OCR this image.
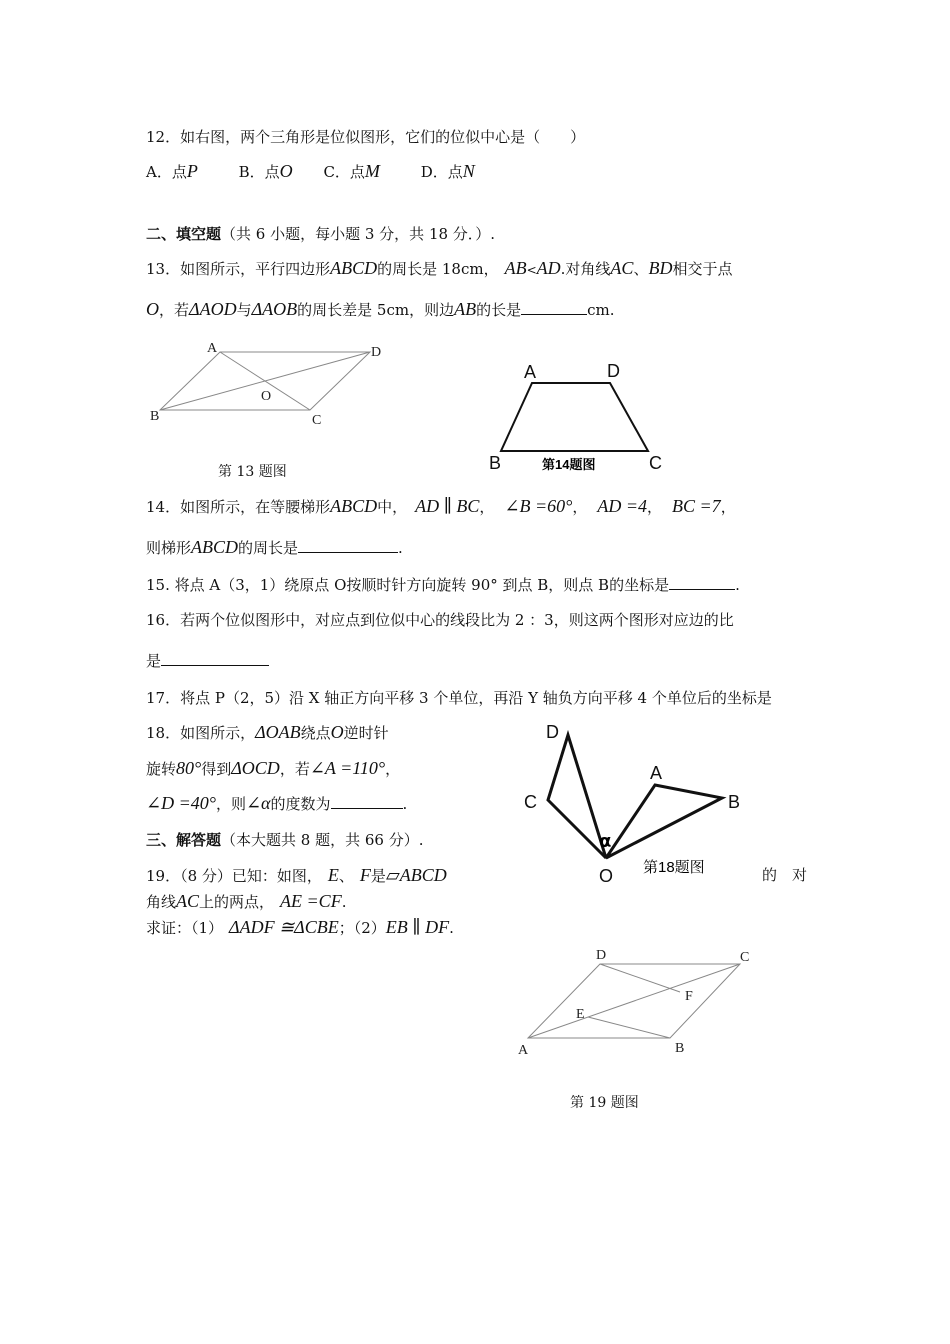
12．如右图，两个三角形是位似图形，它们的位似中心是（　　）
A．点P	B．点O C．点M	D．点N
二、填空题（共 6 小题，每小题 3 分，共 18 分．）.
13．如图所示，平行四边形ABCD的周长是 18cm， AB<AD.对角线AC、BD相交于点
O，若ΔAOD与ΔAOB的周长差是 5cm，则边AB的长是	cm.
A	D
B	C
O
第 13 题图
A	D
B	C
第14题图
14．如图所示，在等腰梯形ABCD中， AD ∥ BC， ∠B =60°， AD =4， BC =7，
则梯形ABCD的周长是	.
15. 将点 A（3，1）绕原点 O按顺时针方向旋转 90° 到点 B，则点 B的坐标是	.
16．若两个位似图形中，对应点到位似中心的线段比为 2 ：3，则这两个图形对应边的比
是
17．将点 P（2，5）沿 X 轴正方向平移 3 个单位，再沿 Y 轴负方向平移 4 个单位后的坐标是
18．如图所示，ΔOAB绕点O逆时针
旋转80°得到ΔOCD，若∠A =110°，
∠D =40°，则∠α的度数为	.
D
C
A
B
O
α
第18题图
三、解答题（本大题共 8 题，共 66 分）.
19．（8 分）已知：如图， E、 F是▱ABCD	的　对
角线AC上的两点， AE =CF.
求证：（1） ΔADF ≅ΔCBE；（2）EB ∥ DF.
D	C
F
E
A	B
第 19 题图
